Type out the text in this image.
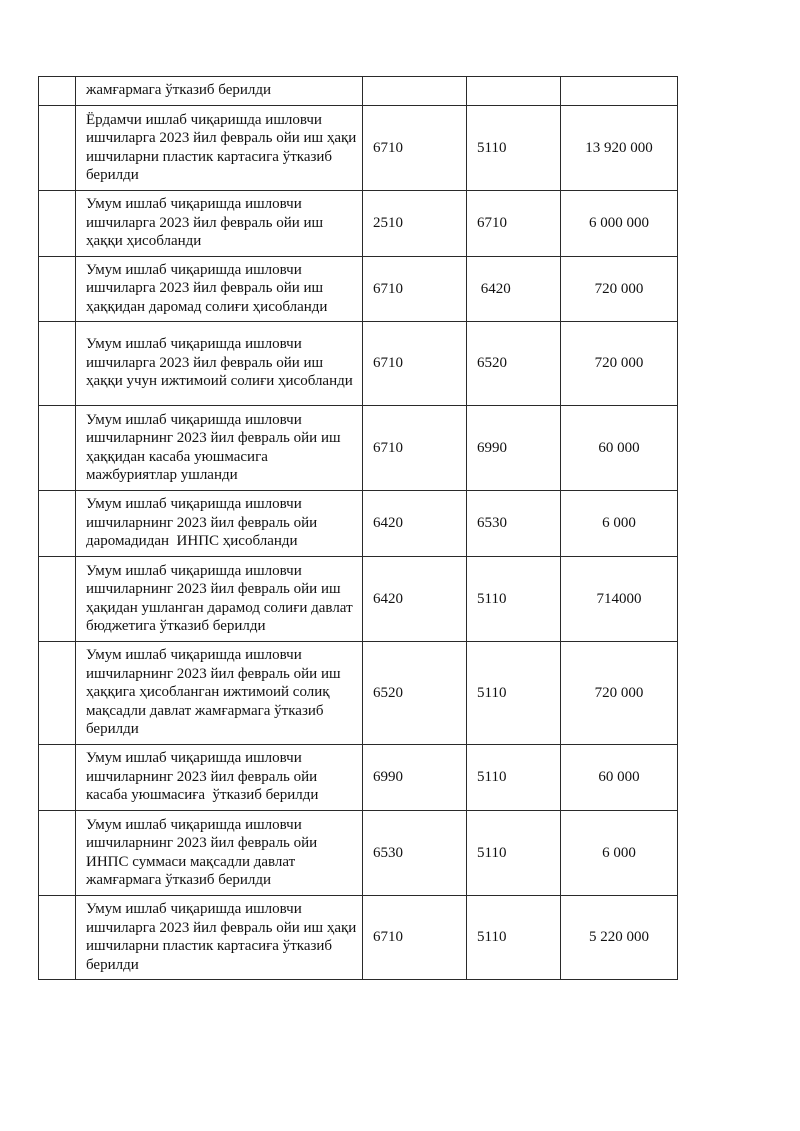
	жамғармага ўтказиб берилди			
	Ёрдамчи ишлаб чиқаришда ишловчи ишчиларга 2023 йил февраль ойи иш ҳақи ишчиларни пластик картасига ўтказиб берилди	6710	5110	13 920 000
	Умум ишлаб чиқаришда ишловчи ишчиларга 2023 йил февраль ойи иш ҳаққи ҳисобланди	2510	6710	6 000 000
	Умум ишлаб чиқаришда ишловчи ишчиларга 2023 йил февраль ойи иш ҳаққидан даромад солиғи ҳисобланди	6710	6420	720 000
	Умум ишлаб чиқаришда ишловчи ишчиларга 2023 йил февраль ойи иш ҳаққи учун ижтимоий солиғи ҳисобланди	6710	6520	720 000
	Умум ишлаб чиқаришда ишловчи ишчиларнинг 2023 йил февраль ойи иш ҳаққидан касаба уюшмасига мажбуриятлар ушланди	6710	6990	60 000
	Умум ишлаб чиқаришда ишловчи ишчиларнинг 2023 йил февраль ойи даромадидан  ИНПС ҳисобланди	6420	6530	6 000
	Умум ишлаб чиқаришда ишловчи ишчиларнинг 2023 йил февраль ойи иш ҳақидан ушланган дарамод солиғи давлат бюджетига ўтказиб берилди	6420	5110	714000
	Умум ишлаб чиқаришда ишловчи ишчиларнинг 2023 йил февраль ойи иш ҳаққига ҳисобланган ижтимоий солиқ мақсадли давлат жамғармага ўтказиб берилди	6520	5110	720 000
	Умум ишлаб чиқаришда ишловчи ишчиларнинг 2023 йил февраль ойи касаба уюшмасиға  ўтказиб берилди	6990	5110	60 000
	Умум ишлаб чиқаришда ишловчи ишчиларнинг 2023 йил февраль ойи ИНПС суммаси мақсадли давлат жамғармага ўтказиб берилди	6530	5110	6 000
	Умум ишлаб чиқаришда ишловчи ишчиларга 2023 йил февраль ойи иш ҳақи ишчиларни пластик картасиға ўтказиб берилди	6710	5110	5 220 000
